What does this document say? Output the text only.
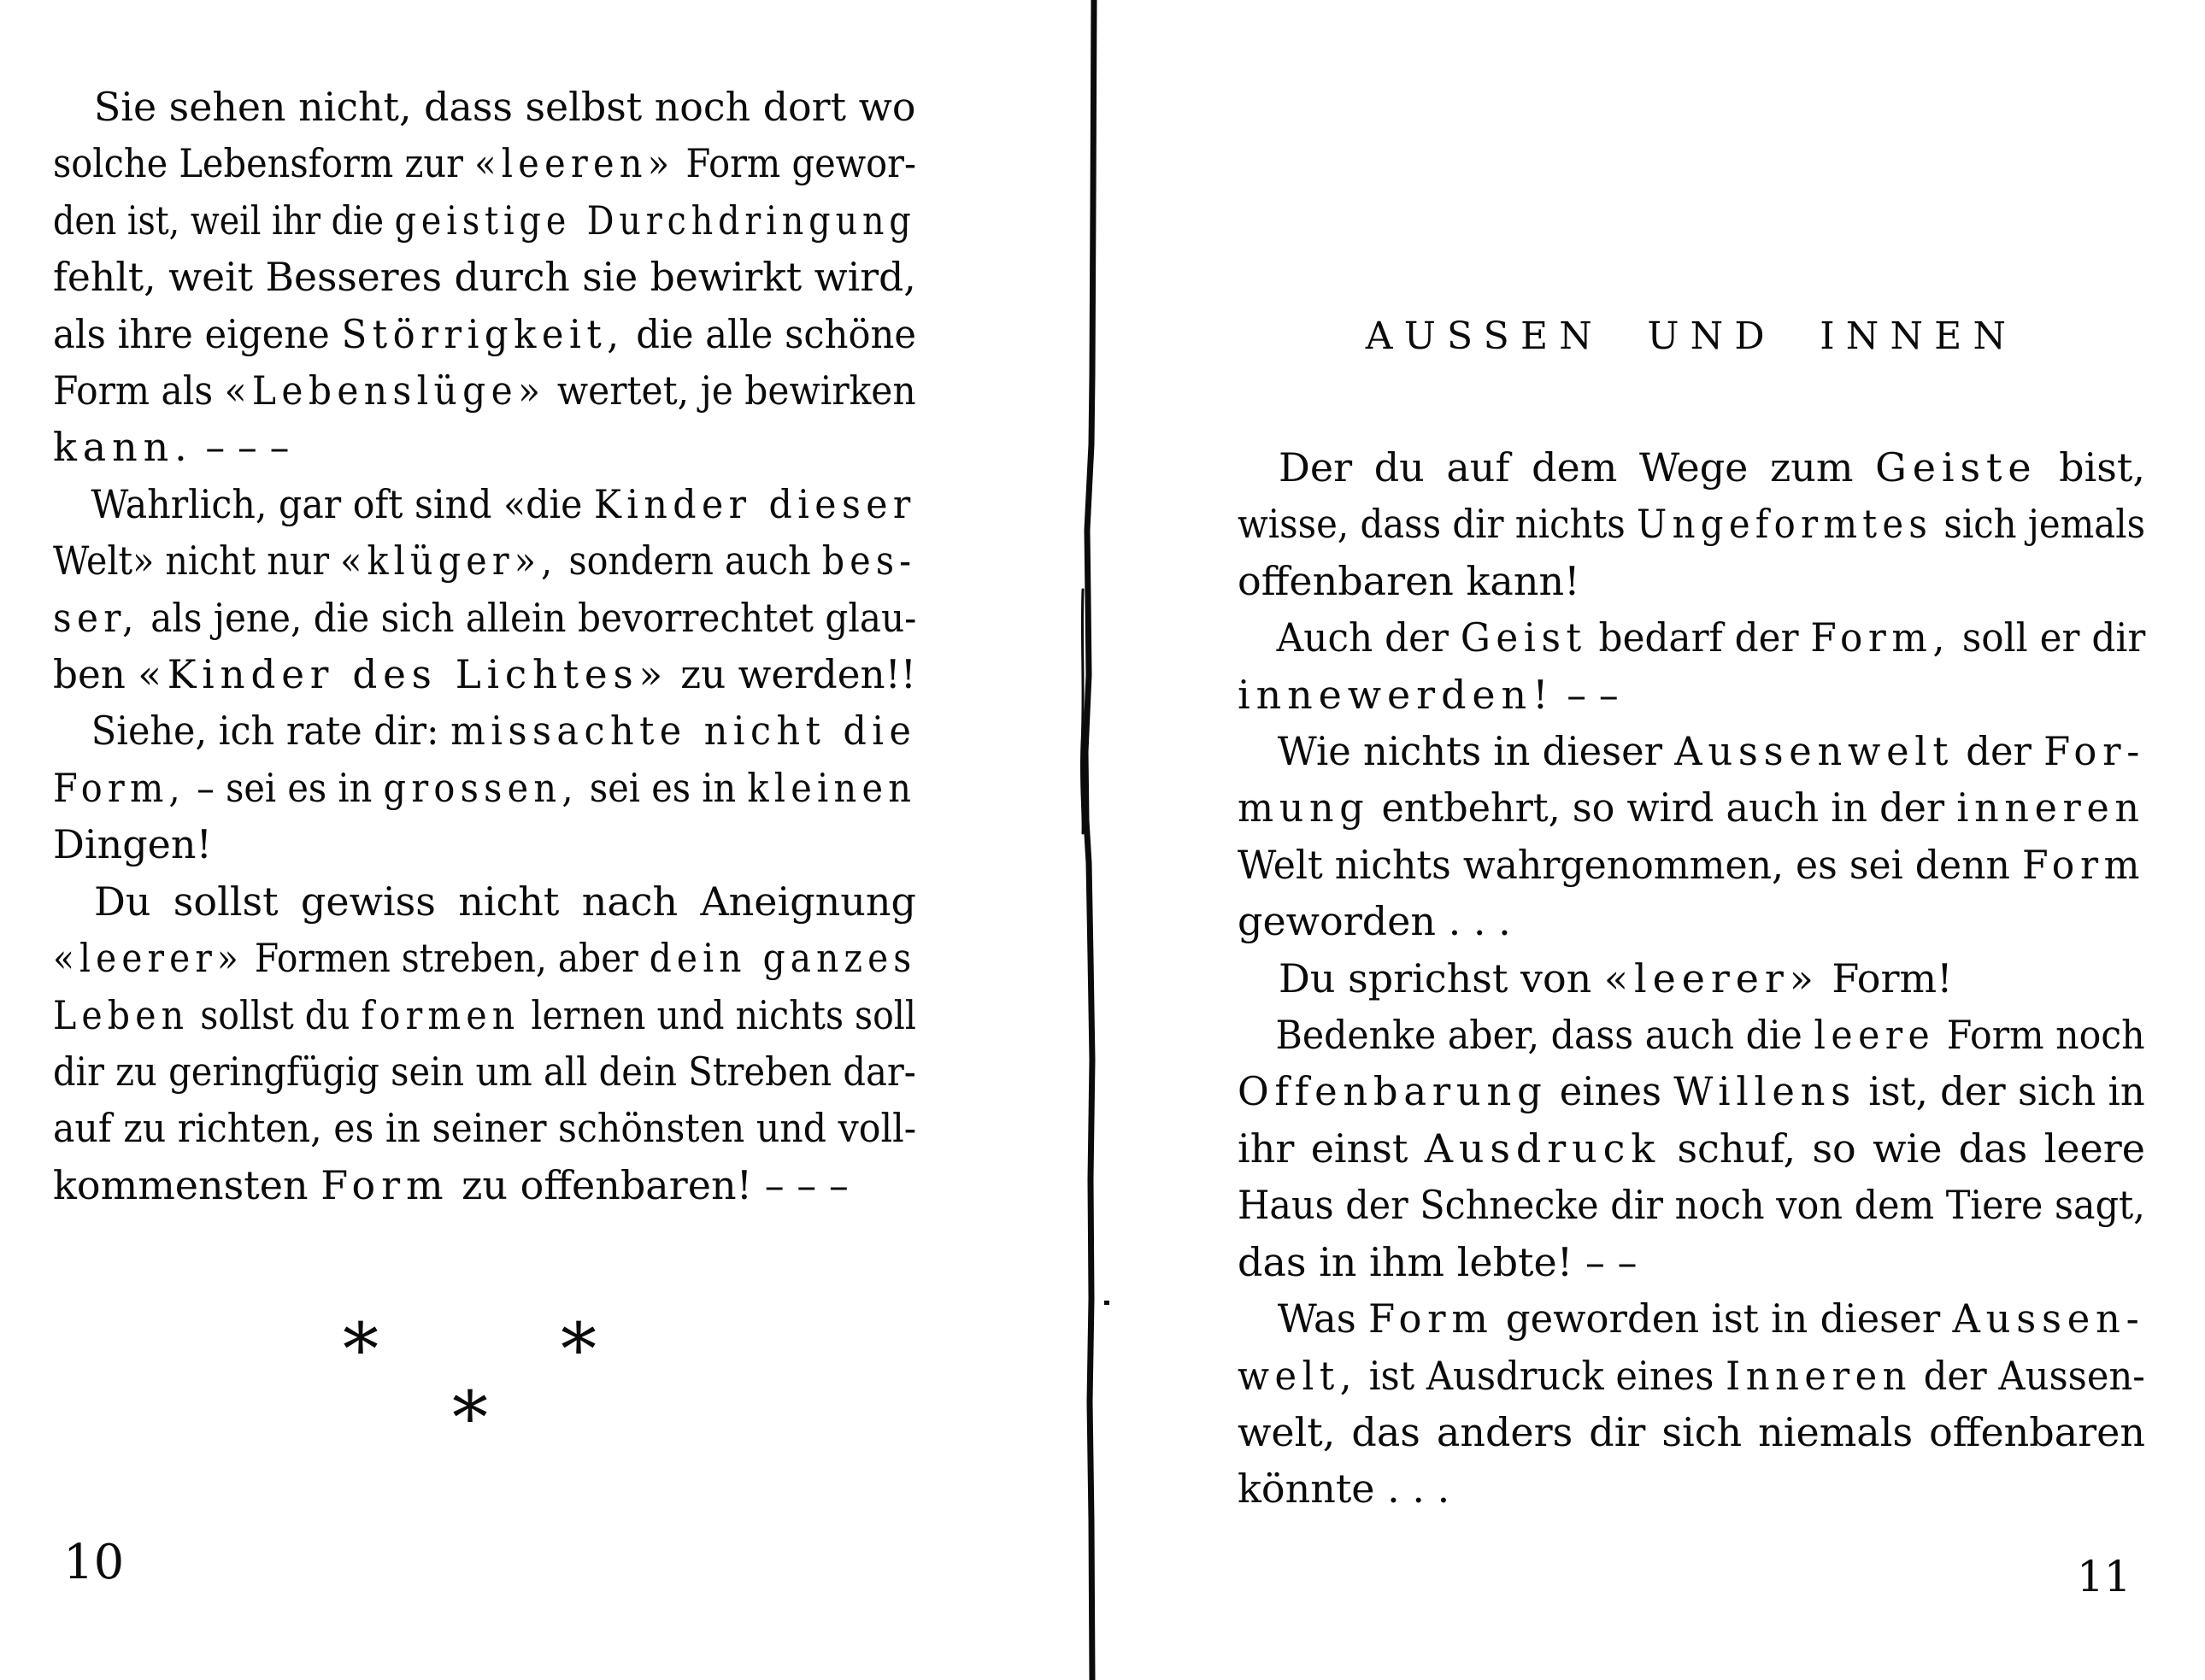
Sie sehen nicht, dass selbst noch dort wo
solche Lebensform zur «leeren» Form gewor-
den ist, weil ihr die geistige Durchdringung
fehlt, weit Besseres durch sie bewirkt wird,
als ihre eigene Störrigkeit, die alle schöne
Form als «Lebenslüge» wertet, je bewirken
kann. – – –
Wahrlich, gar oft sind «die Kinder dieser
Welt» nicht nur «klüger», sondern auch bes-
ser, als jene, die sich allein bevorrechtet glau-
ben «Kinder des Lichtes» zu werden!!
Siehe, ich rate dir: missachte nicht die
Form, – sei es in grossen, sei es in kleinen
Dingen!
Du sollst gewiss nicht nach Aneignung
«leerer» Formen streben, aber dein ganzes
Leben sollst du formen lernen und nichts soll
dir zu geringfügig sein um all dein Streben dar-
auf zu richten, es in seiner schönsten und voll-
kommensten Form zu offenbaren! – – –
*	*
*
10
AUSSEN UND INNEN
Der du auf dem Wege zum Geiste bist,
wisse, dass dir nichts Ungeformtes sich jemals
offenbaren kann!
Auch der Geist bedarf der Form, soll er dir
innewerden! – –
Wie nichts in dieser Aussenwelt der For-
mung entbehrt, so wird auch in der inneren
Welt nichts wahrgenommen, es sei denn Form
geworden . . .
Du sprichst von «leerer» Form!
Bedenke aber, dass auch die leere Form noch
Offenbarung eines Willens ist, der sich in
ihr einst Ausdruck schuf, so wie das leere
Haus der Schnecke dir noch von dem Tiere sagt,
das in ihm lebte! – –
Was Form geworden ist in dieser Aussen-
welt, ist Ausdruck eines Inneren der Aussen-
welt, das anders dir sich niemals offenbaren
könnte . . .
11
